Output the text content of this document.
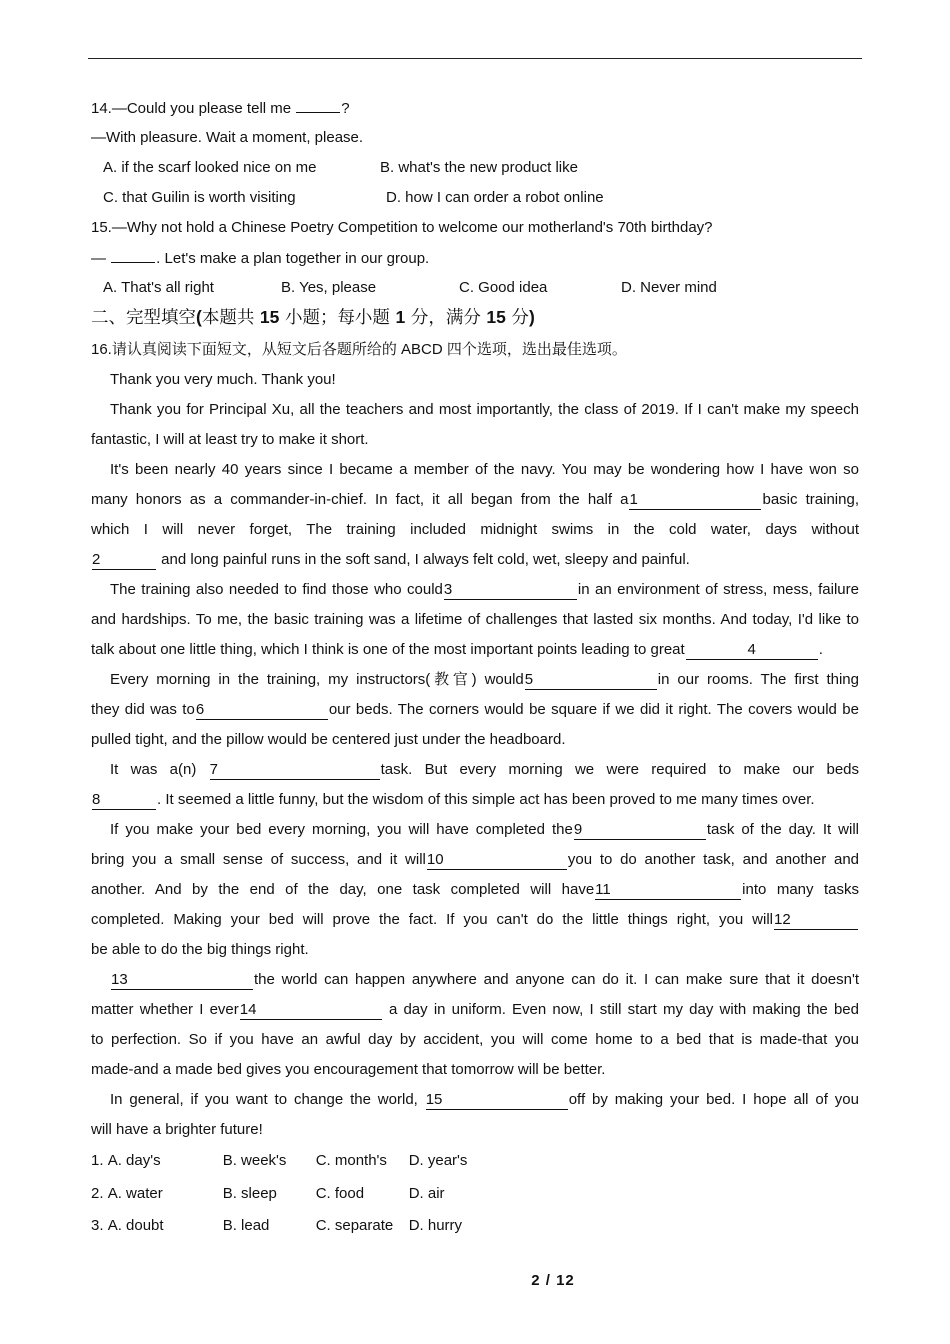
14.—Could you please tell me	?
—With pleasure. Wait a moment, please.
A. if the scarf looked nice on me	B. what's the new product like
C. that Guilin is worth visiting	D. how I can order a robot online
15.—Why not hold a Chinese Poetry Competition to welcome our motherland's 70th birthday?
—	. Let's make a plan together in our group.
A. That's all right	B. Yes, please	C. Good idea	D. Never mind
二、完型填空(本题共 15 小题；每小题 1 分，满分 15 分)
16.请认真阅读下面短文，从短文后各题所给的 ABCD 四个选项，选出最佳选项。
Thank you very much. Thank you!
Thank you for Principal Xu, all the teachers and most importantly, the class of 2019. If I can't make my speech
fantastic, I will at least try to make it short.
It's been nearly 40 years since I became a member of the navy. You may be wondering how I have won so
many honors as a commander-in-chief. In fact, it all began from the half a1	basic training,
which I will never forget, The training included midnight swims in the cold water, days without
2	and long painful runs in the soft sand, I always felt cold, wet, sleepy and painful.
The training also needed to find those who could3	in an environment of stress, mess, failure
and hardships. To me, the basic training was a lifetime of challenges that lasted six months. And today, I'd like to
talk about one little thing, which I think is one of the most important points leading to great	4	.
Every morning in the training, my instructors(教官) would5	in our rooms. The first thing
they did was to6	our beds. The corners would be square if we did it right. The covers would be
pulled tight, and the pillow would be centered just under the headboard.
It was a(n) 7	task. But every morning we were required to make our beds
8	. It seemed a little funny, but the wisdom of this simple act has been proved to me many times over.
If you make your bed every morning, you will have completed the9	task of the day. It will
bring you a small sense of success, and it will10	you to do another task, and another and
another. And by the end of the day, one task completed will have11	into many tasks
completed. Making your bed will prove the fact. If you can't do the little things right, you will12
be able to do the big things right.
13	the world can happen anywhere and anyone can do it. I can make sure that it doesn't
matter whether I ever14	a day in uniform. Even now, I still start my day with making the bed
to perfection. So if you have an awful day by accident, you will come home to a bed that is made-that you
made-and a made bed gives you encouragement that tomorrow will be better.
In general, if you want to change the world, 15	off by making your bed. I hope all of you
will have a brighter future!
1. A. day's	B. week's C. month's D. year's
2. A. water	B. sleep	C. food	D. air
3. A. doubt	B. lead	C. separate D. hurry
2 / 12
